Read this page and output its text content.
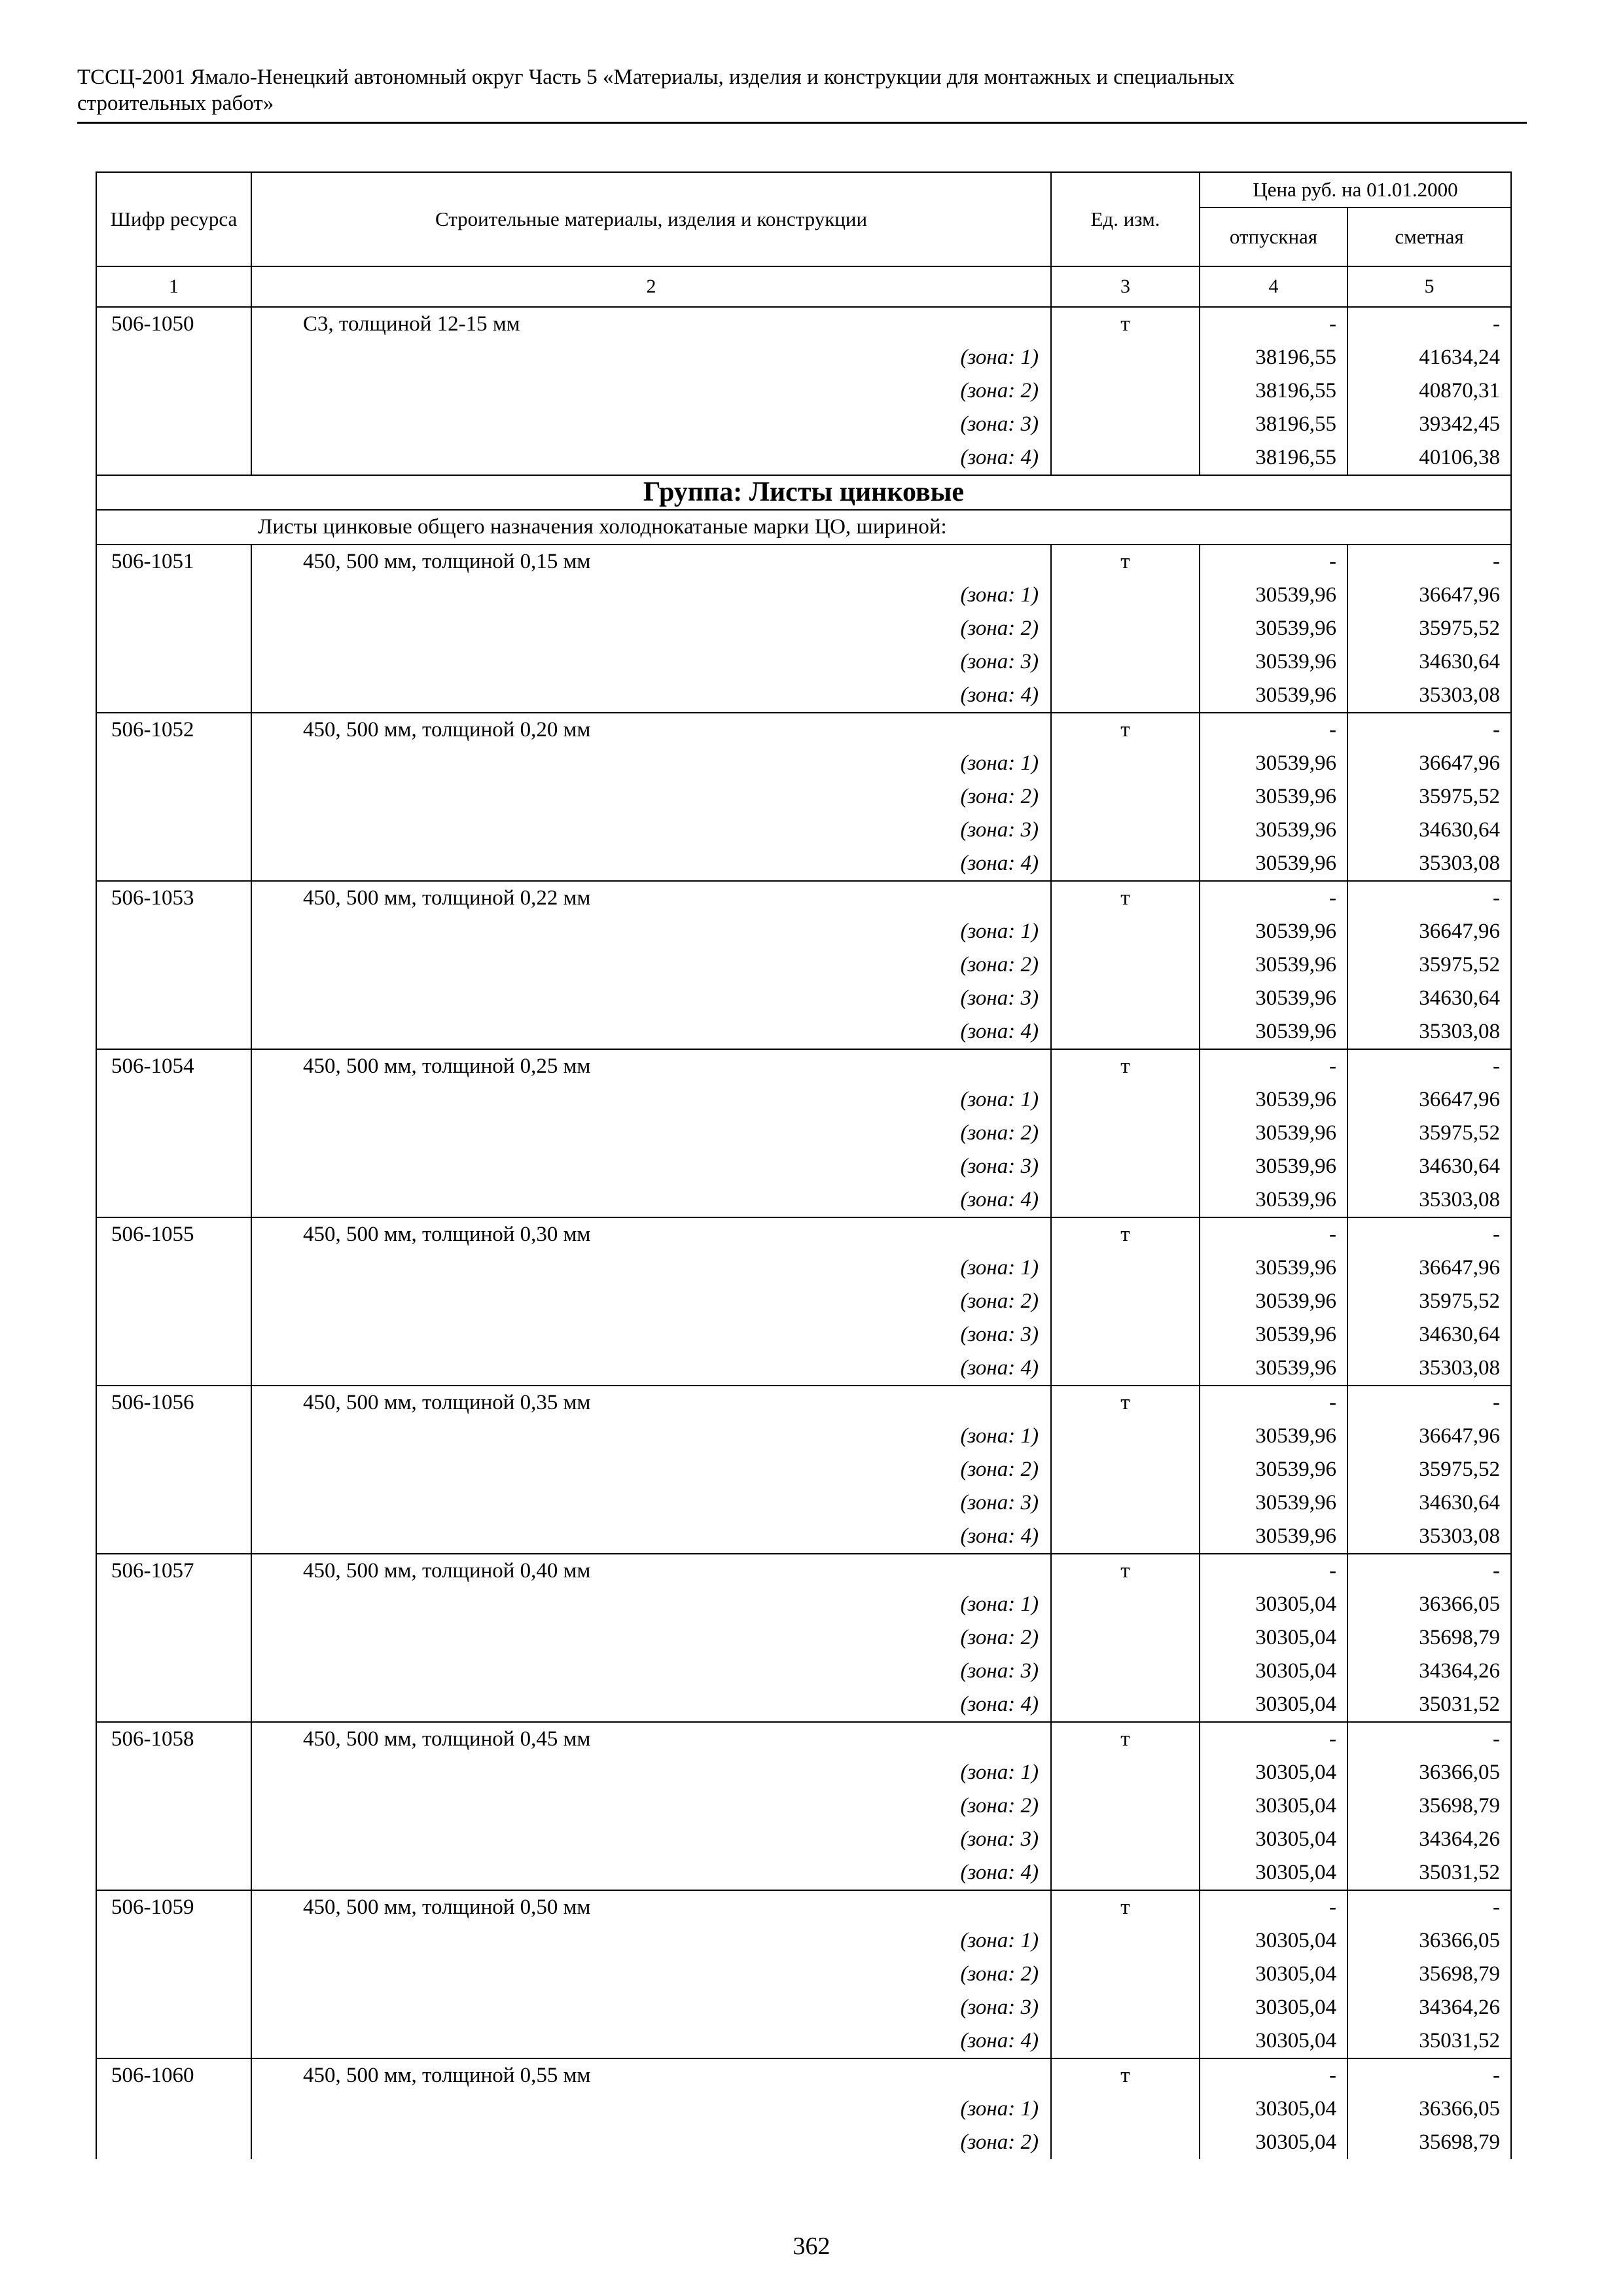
ТССЦ-2001 Ямало-Ненецкий автономный округ Часть 5 «Материалы, изделия и конструкции для монтажных и специальных
строительных работ»
Шифр ресурса	Строительные материалы, изделия и конструкции	Ед. изм.	Цена руб. на 01.01.2000	
			отпускная	сметная
1	2	3	4	5
506-1050	С3, толщиной 12-15 мм	т	-	-
	(зона: 1)		38196,55	41634,24
	(зона: 2)		38196,55	40870,31
	(зона: 3)		38196,55	39342,45
	(зона: 4)		38196,55	40106,38
Группа: Листы цинковые				
Листы цинковые общего назначения холоднокатаные марки ЦО, шириной:				
506-1051	450, 500 мм, толщиной 0,15 мм	т	-	-
	(зона: 1)		30539,96	36647,96
	(зона: 2)		30539,96	35975,52
	(зона: 3)		30539,96	34630,64
	(зона: 4)		30539,96	35303,08
506-1052	450, 500 мм, толщиной 0,20 мм	т	-	-
	(зона: 1)		30539,96	36647,96
	(зона: 2)		30539,96	35975,52
	(зона: 3)		30539,96	34630,64
	(зона: 4)		30539,96	35303,08
506-1053	450, 500 мм, толщиной 0,22 мм	т	-	-
	(зона: 1)		30539,96	36647,96
	(зона: 2)		30539,96	35975,52
	(зона: 3)		30539,96	34630,64
	(зона: 4)		30539,96	35303,08
506-1054	450, 500 мм, толщиной 0,25 мм	т	-	-
	(зона: 1)		30539,96	36647,96
	(зона: 2)		30539,96	35975,52
	(зона: 3)		30539,96	34630,64
	(зона: 4)		30539,96	35303,08
506-1055	450, 500 мм, толщиной 0,30 мм	т	-	-
	(зона: 1)		30539,96	36647,96
	(зона: 2)		30539,96	35975,52
	(зона: 3)		30539,96	34630,64
	(зона: 4)		30539,96	35303,08
506-1056	450, 500 мм, толщиной 0,35 мм	т	-	-
	(зона: 1)		30539,96	36647,96
	(зона: 2)		30539,96	35975,52
	(зона: 3)		30539,96	34630,64
	(зона: 4)		30539,96	35303,08
506-1057	450, 500 мм, толщиной 0,40 мм	т	-	-
	(зона: 1)		30305,04	36366,05
	(зона: 2)		30305,04	35698,79
	(зона: 3)		30305,04	34364,26
	(зона: 4)		30305,04	35031,52
506-1058	450, 500 мм, толщиной 0,45 мм	т	-	-
	(зона: 1)		30305,04	36366,05
	(зона: 2)		30305,04	35698,79
	(зона: 3)		30305,04	34364,26
	(зона: 4)		30305,04	35031,52
506-1059	450, 500 мм, толщиной 0,50 мм	т	-	-
	(зона: 1)		30305,04	36366,05
	(зона: 2)		30305,04	35698,79
	(зона: 3)		30305,04	34364,26
	(зона: 4)		30305,04	35031,52
506-1060	450, 500 мм, толщиной 0,55 мм	т	-	-
	(зона: 1)		30305,04	36366,05
	(зона: 2)		30305,04	35698,79
362
